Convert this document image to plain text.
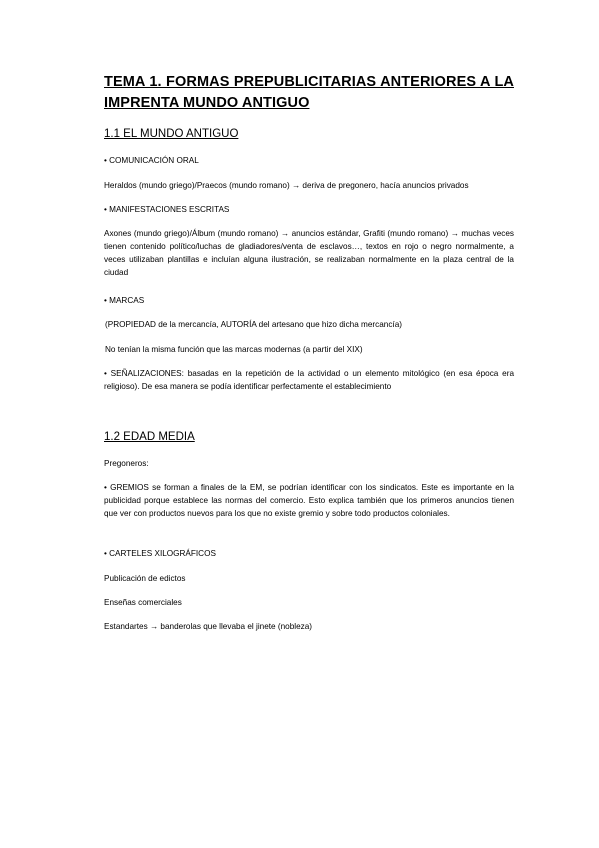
TEMA 1. FORMAS PREPUBLICITARIAS ANTERIORES A LA
IMPRENTA MUNDO ANTIGUO
1.1 EL MUNDO ANTIGUO
• COMUNICACIÓN ORAL
Heraldos (mundo griego)/Praecos (mundo romano) → deriva de pregonero, hacía anuncios privados
• MANIFESTACIONES ESCRITAS
Axones (mundo griego)/Álbum (mundo romano) → anuncios estándar, Grafiti (mundo romano) → muchas veces tienen contenido político/luchas de gladiadores/venta de esclavos…, textos en rojo o negro normalmente, a veces utilizaban plantillas e incluían alguna ilustración, se realizaban normalmente en la plaza central de la ciudad
• MARCAS
(PROPIEDAD de la mercancía, AUTORÍA del artesano que hizo dicha mercancía)
No tenían la misma función que las marcas modernas (a partir del XIX)
• SEÑALIZACIONES: basadas en la repetición de la actividad o un elemento mitológico (en esa época era religioso). De esa manera se podía identificar perfectamente el establecimiento
1.2 EDAD MEDIA
Pregoneros:
• GREMIOS se forman a finales de la EM, se podrían identificar con los sindicatos. Este es importante en la publicidad porque establece las normas del comercio. Esto explica también que los primeros anuncios tienen que ver con productos nuevos para los que no existe gremio y sobre todo productos coloniales.
• CARTELES XILOGRÁFICOS
Publicación de edictos
Enseñas comerciales
Estandartes → banderolas que llevaba el jinete (nobleza)
